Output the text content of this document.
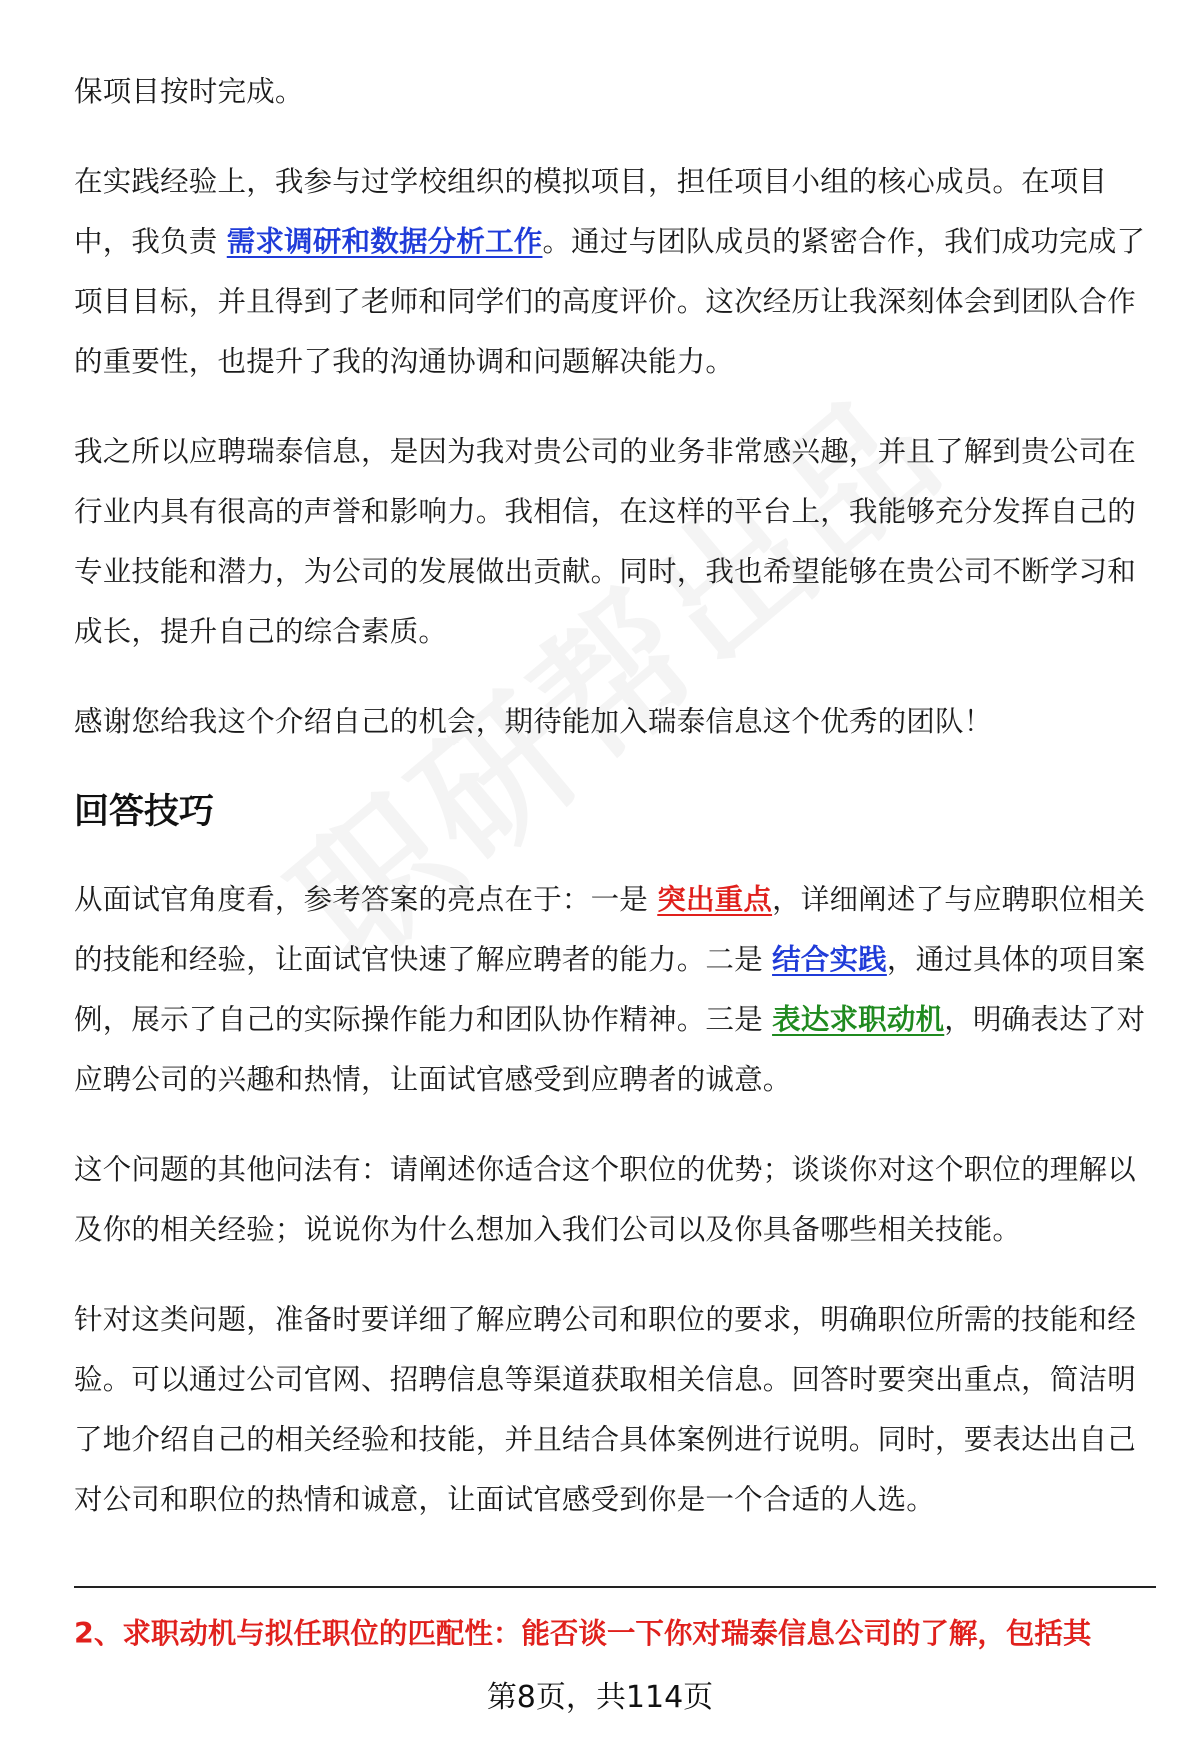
保项目按时完成。

在实践经验上，我参与过学校组织的模拟项目，担任项目小组的核心成员。在项目中，我负责 需求调研和数据分析工作。通过与团队成员的紧密合作，我们成功完成了项目目标，并且得到了老师和同学们的高度评价。这次经历让我深刻体会到团队合作的重要性，也提升了我的沟通协调和问题解决能力。

我之所以应聘瑞泰信息，是因为我对贵公司的业务非常感兴趣，并且了解到贵公司在行业内具有很高的声誉和影响力。我相信，在这样的平台上，我能够充分发挥自己的专业技能和潜力，为公司的发展做出贡献。同时，我也希望能够在贵公司不断学习和成长，提升自己的综合素质。

感谢您给我这个介绍自己的机会，期待能加入瑞泰信息这个优秀的团队！

回答技巧

从面试官角度看，参考答案的亮点在于：一是 突出重点，详细阐述了与应聘职位相关的技能和经验，让面试官快速了解应聘者的能力。二是 结合实践，通过具体的项目案例，展示了自己的实际操作能力和团队协作精神。三是 表达求职动机，明确表达了对应聘公司的兴趣和热情，让面试官感受到应聘者的诚意。

这个问题的其他问法有：请阐述你适合这个职位的优势；谈谈你对这个职位的理解以及你的相关经验；说说你为什么想加入我们公司以及你具备哪些相关技能。

针对这类问题，准备时要详细了解应聘公司和职位的要求，明确职位所需的技能和经验。可以通过公司官网、招聘信息等渠道获取相关信息。回答时要突出重点，简洁明了地介绍自己的相关经验和技能，并且结合具体案例进行说明。同时，要表达出自己对公司和职位的热情和诚意，让面试官感受到你是一个合适的人选。

2、求职动机与拟任职位的匹配性：能否谈一下你对瑞泰信息公司的了解，包括其
第8页，共114页
